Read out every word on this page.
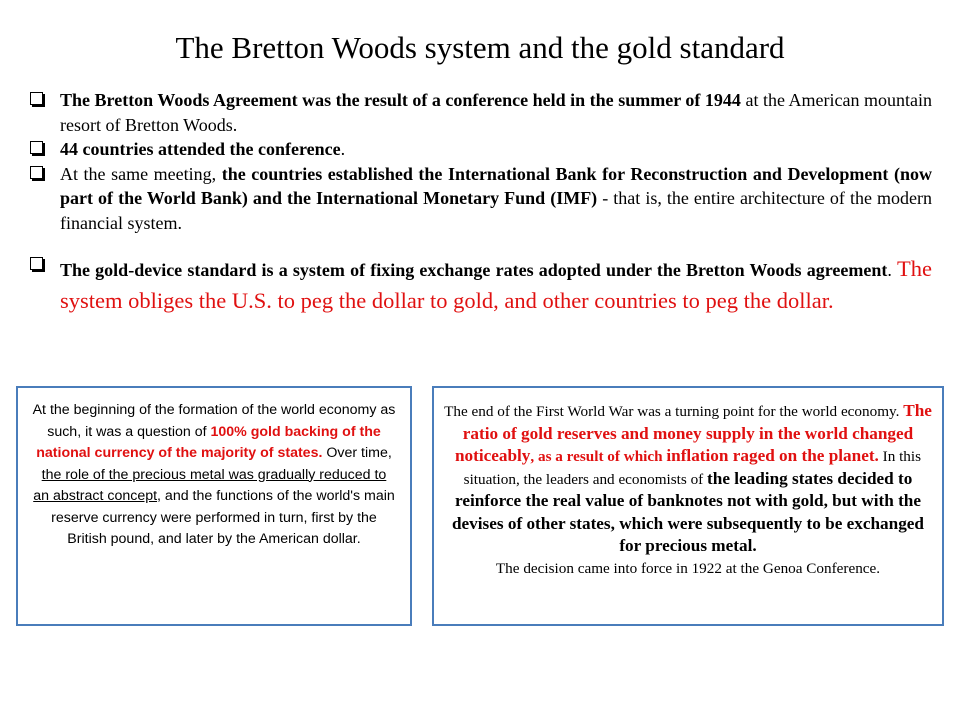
The Bretton Woods system and the gold standard
The Bretton Woods Agreement was the result of a conference held in the summer of 1944 at the American mountain resort of Bretton Woods.
44 countries attended the conference.
At the same meeting, the countries established the International Bank for Reconstruction and Development (now part of the World Bank) and the International Monetary Fund (IMF) - that is, the entire architecture of the modern financial system.
The gold-device standard is a system of fixing exchange rates adopted under the Bretton Woods agreement. The system obliges the U.S. to peg the dollar to gold, and other countries to peg the dollar.
At the beginning of the formation of the world economy as such, it was a question of 100% gold backing of the national currency of the majority of states. Over time, the role of the precious metal was gradually reduced to an abstract concept, and the functions of the world's main reserve currency were performed in turn, first by the British pound, and later by the American dollar.
The end of the First World War was a turning point for the world economy. The ratio of gold reserves and money supply in the world changed noticeably, as a result of which inflation raged on the planet. In this situation, the leaders and economists of the leading states decided to reinforce the real value of banknotes not with gold, but with the devises of other states, which were subsequently to be exchanged for precious metal.
The decision came into force in 1922 at the Genoa Conference.
